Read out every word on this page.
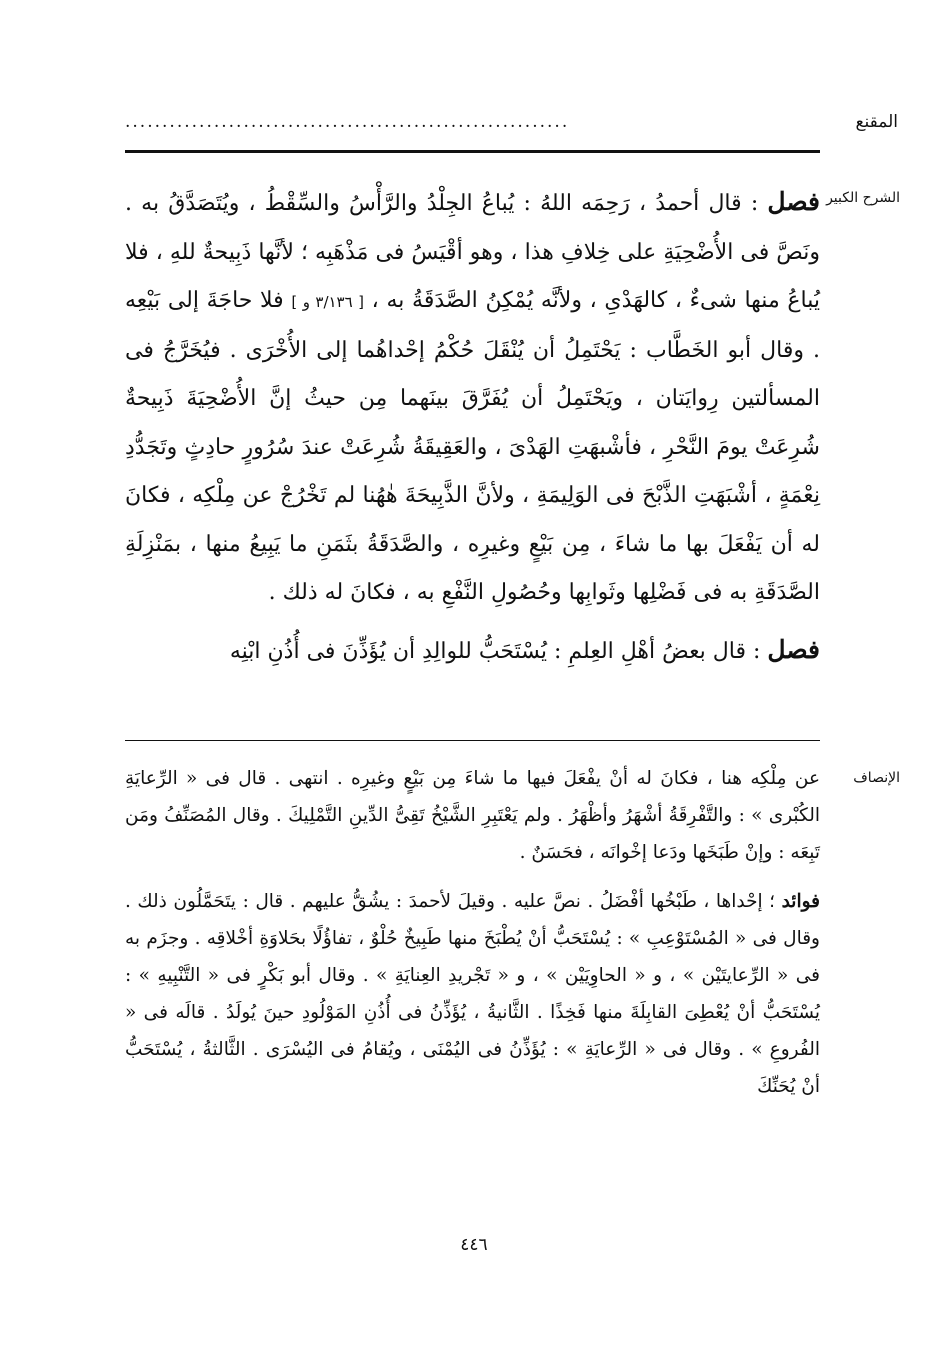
المقنع
............................................................
الشرح الكبير

فصل : قال أحمدُ ، رَحِمَه اللهُ : يُباعُ الجِلْدُ والرَّأْسُ والسِّقْطُ ، ويُتَصَدَّقُ به . ونَصَّ فى الأُضْحِيَةِ على خِلافِ هذا ، وهو أقْيَسُ فى مَذْهَبِه ؛ لأنَّها ذَبِيحةٌ للهِ ، فلا يُباعُ منها شىءٌ ، كالهَدْىِ ، ولأنَّه يُمْكِنُ الصَّدَقَةُ به ، [ ٣/١٣٦ و ] فلا حاجَةَ إلى بَيْعِه . وقال أبو الخَطَّاب : يَحْتَمِلُ أن يُنْقَلَ حُكْمُ إحْداهُما إلى الأُخْرَى . فيُخَرَّجُ فى المسألتين رِوايَتان ، ويَحْتَمِلُ أن يُفَرَّقَ بينَهما مِن حيثُ إنَّ الأُضْحِيَةَ ذَبِيحةٌ شُرِعَتْ يومَ النَّحْرِ ، فأشْبهَتِ الهَدْىَ ، والعَقِيقَةُ شُرِعَتْ عندَ سُرُورٍ حادِثٍ وتَجَدُّدِ نِعْمَةٍ ، أشْبَهَتِ الذَّبْحَ فى الوَلِيمَةِ ، ولأنَّ الذَّبِيحَةَ هٰهُنا لم تَخْرُجْ عن مِلْكِه ، فكانَ له أن يَفْعَلَ بها ما شاءَ ، مِن بَيْعٍ وغيرِه ، والصَّدَقَةُ بثَمَنِ ما يَبِيعُ منها ، بمَنْزِلَةِ الصَّدَقَةِ به فى فَضْلِها وثَوابِها وحُصُولِ النَّفْعِ به ، فكانَ له ذلك .

فصل : قال بعضُ أهْلِ العِلمِ : يُسْتَحَبُّ للوالِدِ أن يُؤَذِّنَ فى أُذُنِ ابْنِه

الإنصاف

عن مِلْكِه هنا ، فكانَ له أنْ يفْعَلَ فيها ما شاءَ مِن بَيْعٍ وغيرِه . انتهى . قال فى « الرِّعايَةِ الكُبْرى » : والتَّفْرِقَةُ أشْهَرُ وأظْهَرُ . ولم يَعْتَبِرِ الشَّيْخُ تَقِىُّ الدِّينِ التَّمْلِيكَ . وقال المُصَنِّفُ ومَن تَبِعَه : وإنْ طَبَخَها ودَعا إخْوانَه ، فحَسَنٌ .

فوائد ؛ إحْداها ، طَبْخُها أفْضَلُ . نصَّ عليه . وقيلَ لأحمدَ : يشُقُّ عليهم . قال : يتَحَمَّلُون ذلك . وقال فى « المُسْتَوْعِبِ » : يُسْتَحَبُّ أنْ يُطْبَخَ منها طَبِيخٌ حُلْوٌ ، تفاؤُلًا بحَلاوَةِ أخْلاقِه . وجزَم به فى « الرِّعايتَيْن » ، و « الحاوِيَيْن » ، و « تَجْريدِ العِنايَةِ » . وقال أبو بَكْرٍ فى « التَّنْبِيهِ » : يُسْتَحَبُّ أنْ يُعْطِىَ القابِلَةَ منها فَخِذًا . الثَّانيةُ ، يُؤَذِّنُ فى أُذُنِ المَوْلُودِ حينَ يُولَدُ . قالَه فى « الفُروعِ » . وقال فى « الرِّعايَةِ » : يُؤَذِّنُ فى اليُمْنَى ، ويُقامُ فى اليُسْرَى . الثَّالثةُ ، يُسْتَحَبُّ أنْ يُحَنِّكَ

٤٤٦
